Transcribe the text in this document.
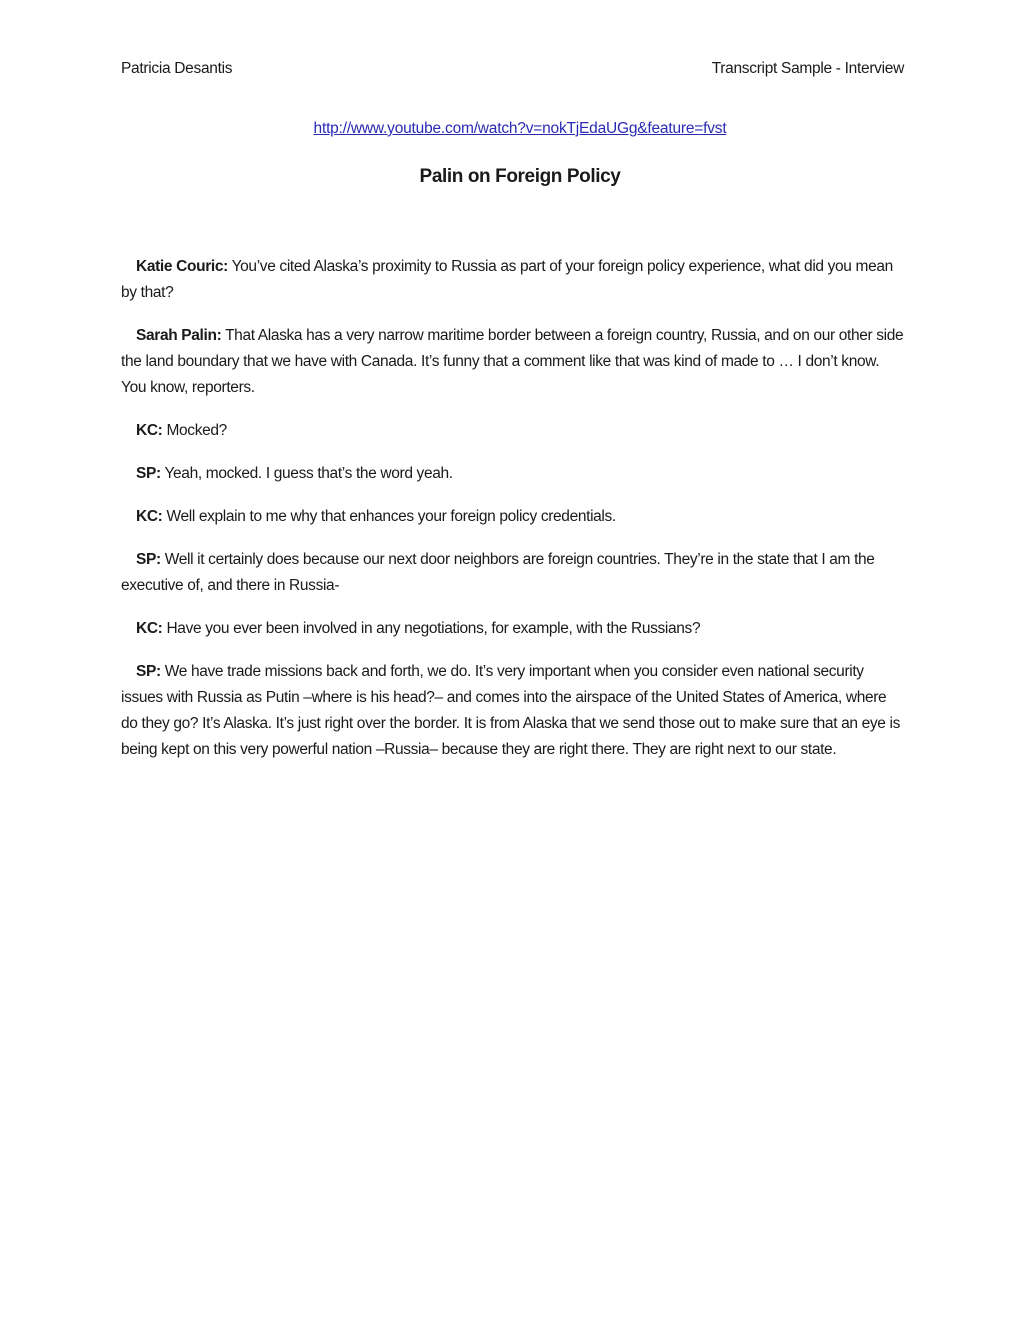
Patricia Desantis	Transcript Sample - Interview
http://www.youtube.com/watch?v=nokTjEdaUGg&feature=fvst
Palin on Foreign Policy

Katie Couric: You’ve cited Alaska’s proximity to Russia as part of your foreign policy experience, what did you mean by that?

Sarah Palin: That Alaska has a very narrow maritime border between a foreign country, Russia, and on our other side the land boundary that we have with Canada. It’s funny that a comment like that was kind of made to … I don’t know. You know, reporters.

KC: Mocked?

SP: Yeah, mocked. I guess that’s the word yeah.

KC: Well explain to me why that enhances your foreign policy credentials.

SP: Well it certainly does because our next door neighbors are foreign countries. They’re in the state that I am the executive of, and there in Russia-

KC: Have you ever been involved in any negotiations, for example, with the Russians?

SP: We have trade missions back and forth, we do. It’s very important when you consider even national security issues with Russia as Putin –where is his head?– and comes into the airspace of the United States of America, where do they go? It’s Alaska. It’s just right over the border. It is from Alaska that we send those out to make sure that an eye is being kept on this very powerful nation –Russia– because they are right there. They are right next to our state.
